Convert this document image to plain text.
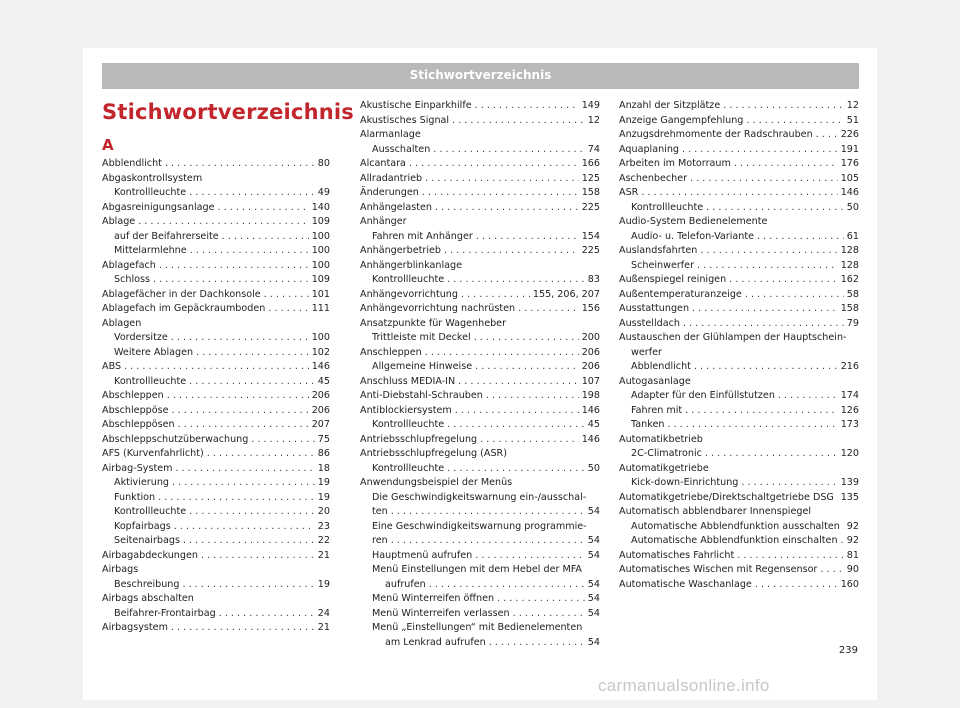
Stichwortverzeichnis
Stichwortverzeichnis
A
Abblendlicht . . .	80
Abgaskontrollsystem
Kontrollleuchte . . .	49
Abgasreinigungsanlage . . .	140
Ablage . . .	109
auf der Beifahrerseite . . .	100
Mittelarmlehne . . .	100
Ablagefach . . .	100
Schloss . . .	109
Ablagefächer in der Dachkonsole . . .	101
Ablagefach im Gepäckraumboden . . .	111
Ablagen
Vordersitze . . .	100
Weitere Ablagen . . .	102
ABS . . .	146
Kontrollleuchte . . .	45
Abschleppen . . .	206
Abschleppöse . . .	206
Abschleppösen . . .	207
Abschleppschutzüberwachung . . .	75
AFS (Kurvenfahrlicht) . . .	86
Airbag-System . . .	18
Aktivierung . . .	19
Funktion . . .	19
Kontrollleuchte . . .	20
Kopfairbags . . .	23
Seitenairbags . . .	22
Airbagabdeckungen . . .	21
Airbags
Beschreibung . . .	19
Airbags abschalten
Beifahrer-Frontairbag . . .	24
Airbagsystem . . .	21
Akustische Einparkhilfe . . .	149
Akustisches Signal . . .	12
Alarmanlage
Ausschalten . . .	74
Alcantara . . .	166
Allradantrieb . . .	125
Änderungen . . .	158
Anhängelasten . . .	225
Anhänger
Fahren mit Anhänger . . .	154
Anhängerbetrieb . . .	225
Anhängerblinkanlage
Kontrollleuchte . . .	83
Anhängevorrichtung . . .	155, 206, 207
Anhängevorrichtung nachrüsten . . .	156
Ansatzpunkte für Wagenheber
Trittleiste mit Deckel . . .	200
Anschleppen . . .	206
Allgemeine Hinweise . . .	206
Anschluss MEDIA-IN . . .	107
Anti-Diebstahl-Schrauben . . .	198
Antiblockiersystem . . .	146
Kontrollleuchte . . .	45
Antriebsschlupfregelung . . .	146
Antriebsschlupfregelung (ASR)
Kontrollleuchte . . .	50
Anwendungsbeispiel der Menüs
Die Geschwindigkeitswarnung ein-/ausschal-
ten . . .	54
Eine Geschwindigkeitswarnung programmie-
ren . . .	54
Hauptmenü aufrufen . . .	54
Menü Einstellungen mit dem Hebel der MFA
aufrufen . . .	54
Menü Winterreifen öffnen . . .	54
Menü Winterreifen verlassen . . .	54
Menü „Einstellungen“ mit Bedienelementen
am Lenkrad aufrufen . . .	54
Anzahl der Sitzplätze . . .	12
Anzeige Gangempfehlung . . .	51
Anzugsdrehmomente der Radschrauben . . .	226
Aquaplaning . . .	191
Arbeiten im Motorraum . . .	176
Aschenbecher . . .	105
ASR . . .	146
Kontrollleuchte . . .	50
Audio-System Bedienelemente
Audio- u. Telefon-Variante . . .	61
Auslandsfahrten . . .	128
Scheinwerfer . . .	128
Außenspiegel reinigen . . .	162
Außentemperaturanzeige . . .	58
Ausstattungen . . .	158
Ausstelldach . . .	79
Austauschen der Glühlampen der Hauptschein-
werfer
Abblendlicht . . .	216
Autogasanlage
Adapter für den Einfüllstutzen . . .	174
Fahren mit . . .	126
Tanken . . .	173
Automatikbetrieb
2C-Climatronic . . .	120
Automatikgetriebe
Kick-down-Einrichtung . . .	139
Automatikgetriebe/Direktschaltgetriebe DSG . . . 135
Automatisch abblendbarer Innenspiegel
Automatische Abblendfunktion ausschalten . . . 92
Automatische Abblendfunktion einschalten . . . 92
Automatisches Fahrlicht . . .	81
Automatisches Wischen mit Regensensor . . .	90
Automatische Waschanlage . . .	160
239
carmanualsonline.info
